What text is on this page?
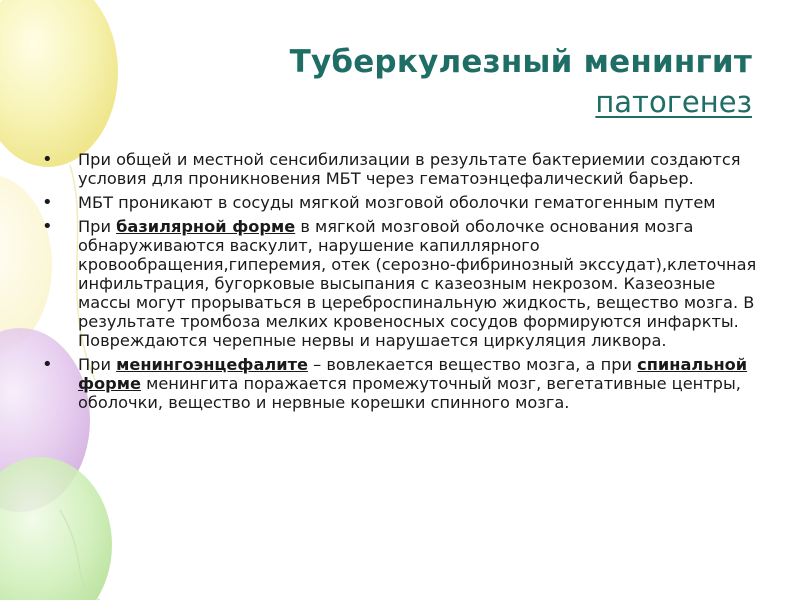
Туберкулезный менингит
патогенез
• При общей и местной сенсибилизации в результате бактериемии создаются условия для проникновения МБТ через гематоэнцефалический барьер.
• МБТ проникают в сосуды мягкой мозговой оболочки гематогенным путем
• При базилярной форме в мягкой мозговой оболочке основания мозга обнаруживаются васкулит, нарушение капиллярного кровообращения,гиперемия, отек (серозно-фибринозный экссудат),клеточная инфильтрация, бугорковые высыпания с казеозным некрозом. Казеозные массы могут прорываться в цереброспинальную жидкость, вещество мозга. В результате тромбоза мелких кровеносных сосудов формируются инфаркты. Повреждаются черепные нервы и нарушается циркуляция ликвора.
• При менингоэнцефалите – вовлекается вещество мозга, а при спинальной форме менингита поражается промежуточный мозг, вегетативные центры, оболочки, вещество и нервные корешки спинного мозга.
